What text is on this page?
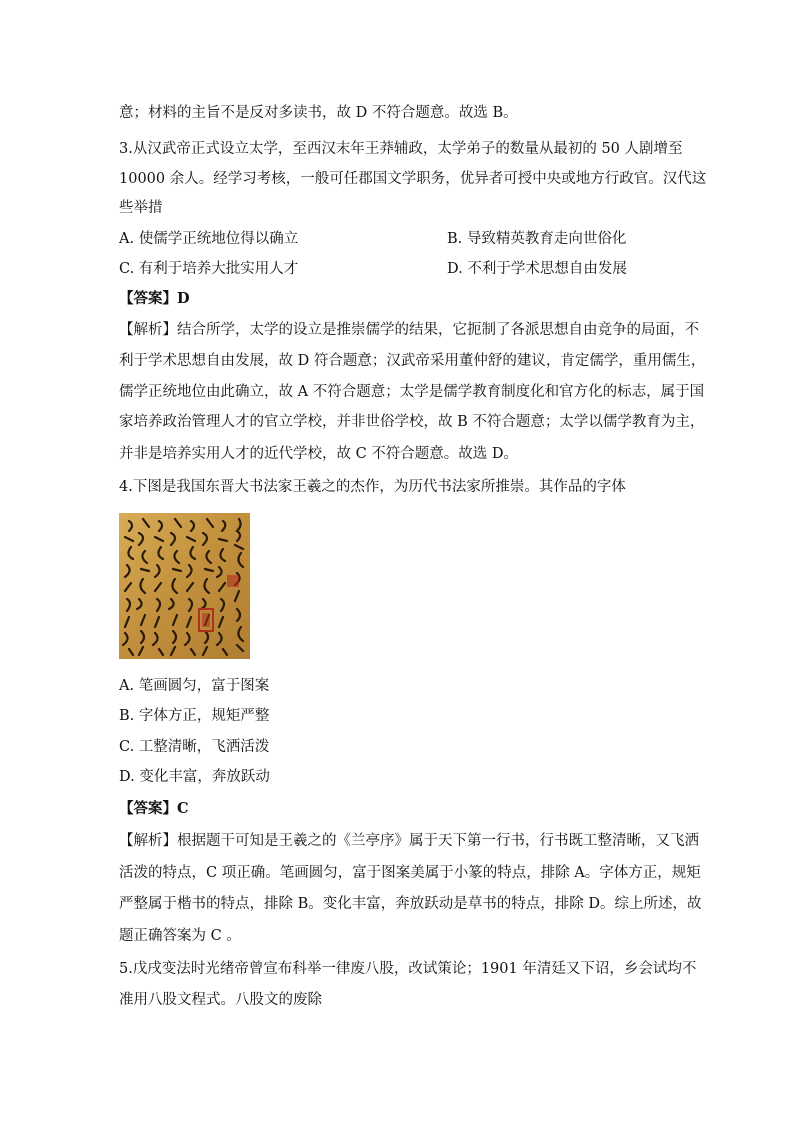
意；材料的主旨不是反对多读书，故 D 不符合题意。故选 B。
3.从汉武帝正式设立太学，至西汉末年王莽辅政，太学弟子的数量从最初的 50 人剧增至
10000 余人。经学习考核，一般可任郡国文学职务，优异者可授中央或地方行政官。汉代这
些举措
A. 使儒学正统地位得以确立	B. 导致精英教育走向世俗化
C. 有利于培养大批实用人才	D. 不利于学术思想自由发展
【答案】D
【解析】结合所学，太学的设立是推崇儒学的结果，它扼制了各派思想自由竞争的局面，不
利于学术思想自由发展，故 D 符合题意；汉武帝采用董仲舒的建议，肯定儒学，重用儒生，
儒学正统地位由此确立，故 A 不符合题意；太学是儒学教育制度化和官方化的标志，属于国
家培养政治管理人才的官立学校，并非世俗学校，故 B 不符合题意；太学以儒学教育为主，
并非是培养实用人才的近代学校，故 C 不符合题意。故选 D。
4.下图是我国东晋大书法家王羲之的杰作，为历代书法家所推崇。其作品的字体
A. 笔画圆匀，富于图案
B. 字体方正，规矩严整
C. 工整清晰，飞洒活泼
D. 变化丰富，奔放跃动
【答案】C
【解析】根据题干可知是王羲之的《兰亭序》属于天下第一行书，行书既工整清晰，又飞洒
活泼的特点，C 项正确。笔画圆匀，富于图案美属于小篆的特点，排除 A。字体方正，规矩
严整属于楷书的特点，排除 B。变化丰富，奔放跃动是草书的特点，排除 D。综上所述，故
题正确答案为 C 。
5.戊戌变法时光绪帝曾宣布科举一律废八股，改试策论；1901 年清廷又下诏，乡会试均不
准用八股文程式。八股文的废除
